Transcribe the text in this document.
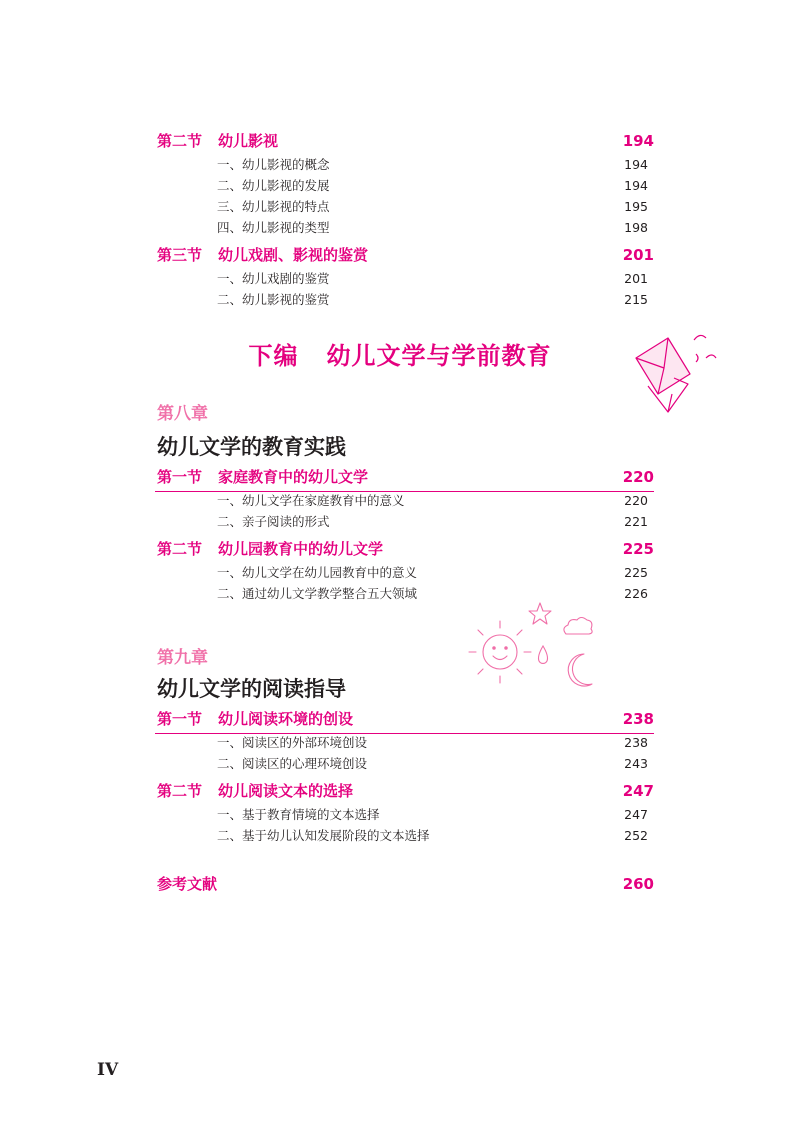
第二节 幼儿影视	194
一、幼儿影视的概念	194
二、幼儿影视的发展	194
三、幼儿影视的特点	195
四、幼儿影视的类型	198
第三节 幼儿戏剧、影视的鉴赏	201
一、幼儿戏剧的鉴赏	201
二、幼儿影视的鉴赏	215
下编 幼儿文学与学前教育
第八章
幼儿文学的教育实践
第一节 家庭教育中的幼儿文学	220
一、幼儿文学在家庭教育中的意义	220
二、亲子阅读的形式	221
第二节 幼儿园教育中的幼儿文学	225
一、幼儿文学在幼儿园教育中的意义	225
二、通过幼儿文学教学整合五大领域	226
第九章
幼儿文学的阅读指导
第一节 幼儿阅读环境的创设	238
一、阅读区的外部环境创设	238
二、阅读区的心理环境创设	243
第二节 幼儿阅读文本的选择	247
一、基于教育情境的文本选择	247
二、基于幼儿认知发展阶段的文本选择	252
参考文献	260
IV
